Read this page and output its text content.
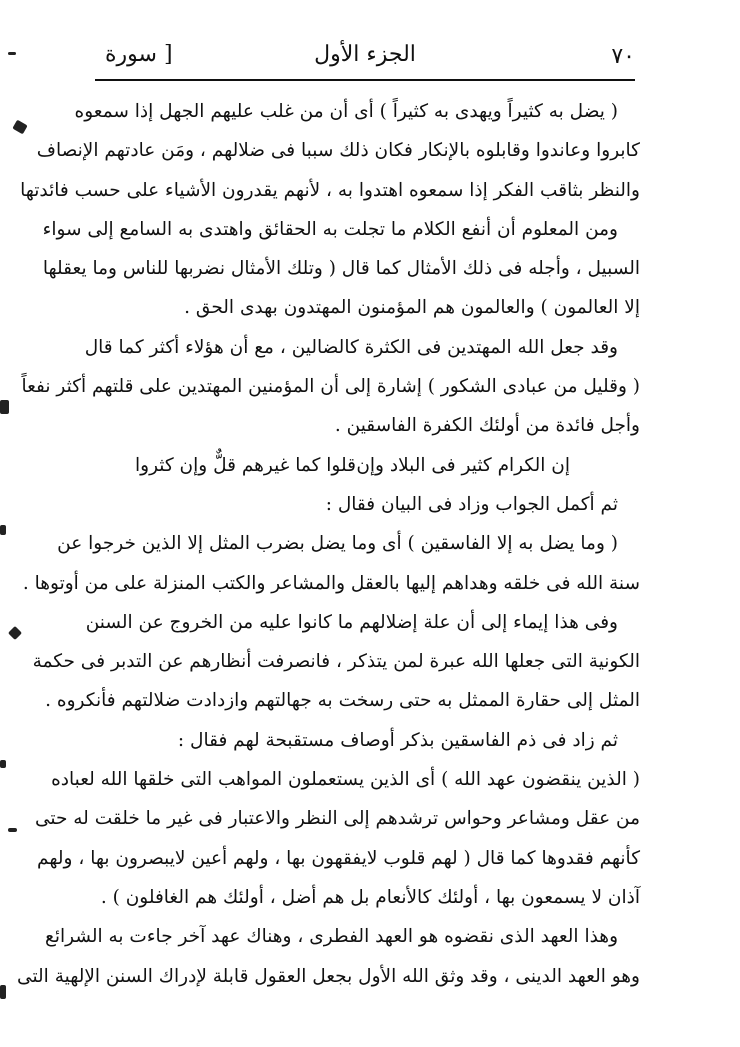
٧٠
الجزء الأول
[ سورة
( يضل به كثيراً ويهدى به كثيراً ) أى أن من غلب عليهم الجهل إذا سمعوه
كابروا وعاندوا وقابلوه بالإنكار فكان ذلك سببا فى ضلالهم ، ومَن عادتهم الإنصاف
والنظر بثاقب الفكر إذا سمعوه اهتدوا به ، لأنهم يقدرون الأشياء على حسب فائدتها
ومن المعلوم أن أنفع الكلام ما تجلت به الحقائق واهتدى به السامع إلى سواء
السبيل ، وأجله فى ذلك الأمثال كما قال ( وتلك الأمثال نضربها للناس وما يعقلها
إلا العالمون ) والعالمون هم المؤمنون المهتدون بهدى الحق .
وقد جعل الله المهتدين فى الكثرة كالضالين ، مع أن هؤلاء أكثر كما قال
( وقليل من عبادى الشكور ) إشارة إلى أن المؤمنين المهتدين على قلتهم أكثر نفعاً
وأجل فائدة من أولئك الكفرة الفاسقين .
إن الكرام كثير فى البلاد وإن
قلوا كما غيرهم قلٌّ وإن كثروا
ثم أكمل الجواب وزاد فى البيان فقال :
( وما يضل به إلا الفاسقين ) أى وما يضل بضرب المثل إلا الذين خرجوا عن
سنة الله فى خلقه وهداهم إليها بالعقل والمشاعر والكتب المنزلة على من أوتوها .
وفى هذا إيماء إلى أن علة إضلالهم ما كانوا عليه من الخروج عن السنن
الكونية التى جعلها الله عبرة لمن يتذكر ، فانصرفت أنظارهم عن التدبر فى حكمة
المثل إلى حقارة الممثل به حتى رسخت به جهالتهم وازدادت ضلالتهم فأنكروه .
ثم زاد فى ذم الفاسقين بذكر أوصاف مستقبحة لهم فقال :
( الذين ينقضون عهد الله ) أى الذين يستعملون المواهب التى خلقها الله لعباده
من عقل ومشاعر وحواس ترشدهم إلى النظر والاعتبار فى غير ما خلقت له حتى
كأنهم فقدوها كما قال ( لهم قلوب لايفقهون بها ، ولهم أعين لايبصرون بها ، ولهم
آذان لا يسمعون بها ، أولئك كالأنعام بل هم أضل ، أولئك هم الغافلون ) .
وهذا العهد الذى نقضوه هو العهد الفطرى ، وهناك عهد آخر جاءت به الشرائع
وهو العهد الدينى ، وقد وثق الله الأول بجعل العقول قابلة لإدراك السنن الإلهية التى
